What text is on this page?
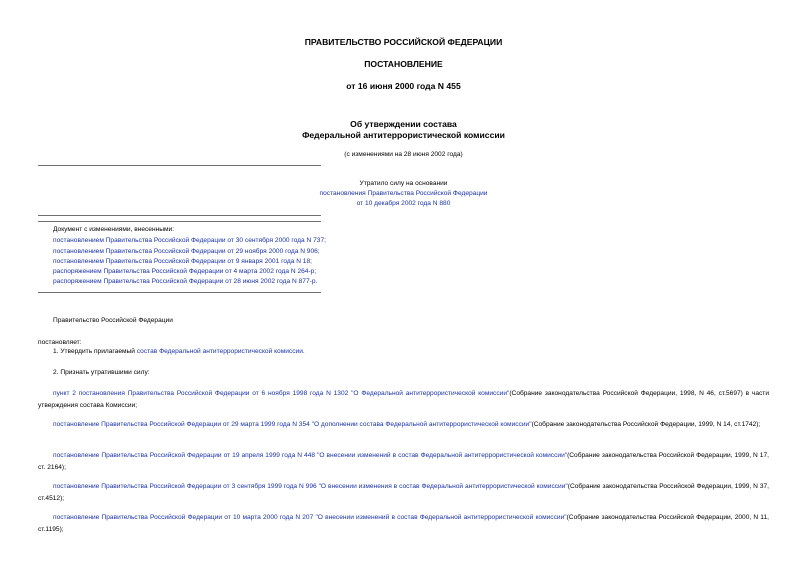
ПРАВИТЕЛЬСТВО РОССИЙСКОЙ ФЕДЕРАЦИИ
ПОСТАНОВЛЕНИЕ
от 16 июня 2000 года N 455
Об утверждении состава
Федеральной антитеррористической комиссии
(с изменениями на 28 июня 2002 года)
Утратило силу на основании
постановления Правительства Российской Федерации
от 10 декабря 2002 года N 880
Документ с изменениями, внесенными:
постановлением Правительства Российской Федерации от 30 сентября 2000 года N 737;
постановлением Правительства Российской Федерации от 29 ноября 2000 года N 906;
постановлением Правительства Российской Федерации от 9 января 2001 года N 18;
распоряжением Правительства Российской Федерации от 4 марта 2002 года N 264-р;
распоряжением Правительства Российской Федерации от 28 июня 2002 года N 877-р.
Правительство Российской Федерации
постановляет:
1. Утвердить прилагаемый состав Федеральной антитеррористической комиссии.
2. Признать утратившими силу:
пункт 2 постановления Правительства Российской Федерации от 6 ноября 1998 года N 1302 "О Федеральной антитеррористической комиссии"(Собрание законодательства Российской Федерации, 1998, N 46, ст.5697) в части утверждения состава Комиссии;
постановление Правительства Российской Федерации от 29 марта 1999 года N 354 "О дополнении состава Федеральной антитеррористической комиссии"(Собрание законодательства Российской Федерации, 1999, N 14, ст.1742);
постановление Правительства Российской Федерации от 19 апреля 1999 года N 448 "О внесении изменений в состав Федеральной антитеррористической комиссии"(Собрание законодательства Российской Федерации, 1999, N 17, ст. 2164);
постановление Правительства Российской Федерации от 3 сентября 1999 года N 996 "О внесении изменения в состав Федеральной антитеррористической комиссии"(Собрание законодательства Российской Федерации, 1999, N 37, ст.4512);
постановление Правительства Российской Федерации от 10 марта 2000 года N 207 "О внесении изменений в состав Федеральной антитеррористической комиссии"(Собрание законодательства Российской Федерации, 2000, N 11, ст.1195);
